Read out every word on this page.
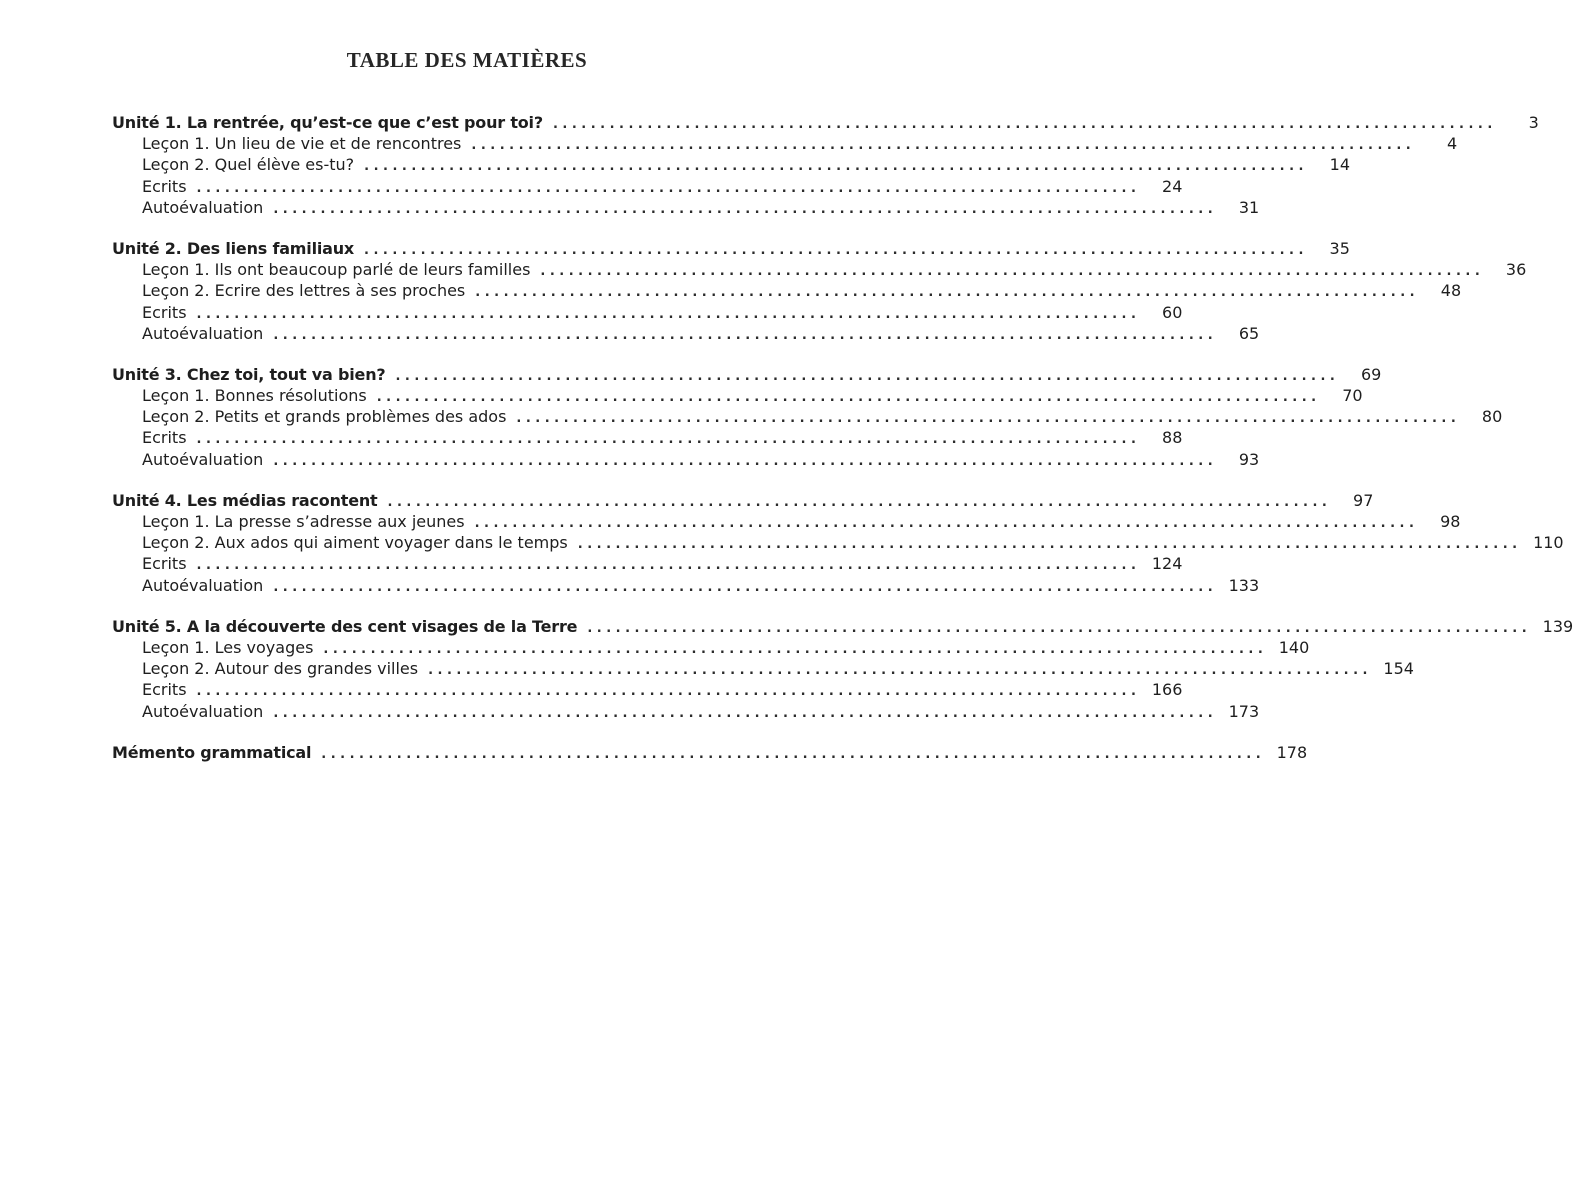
TABLE DES MATIÈRES
Unité 1. La rentrée, qu’est-ce que c’est pour toi? ....................................................................................................	3
Leçon 1. Un lieu de vie et de rencontres ....................................................................................................	4
Leçon 2. Quel élève es-tu? ....................................................................................................	14
Ecrits ....................................................................................................	24
Autoévaluation ....................................................................................................	31
Unité 2. Des liens familiaux ....................................................................................................	35
Leçon 1. Ils ont beaucoup parlé de leurs familles ....................................................................................................	36
Leçon 2. Ecrire des lettres à ses proches ....................................................................................................	48
Ecrits ....................................................................................................	60
Autoévaluation ....................................................................................................	65
Unité 3. Chez toi, tout va bien? ....................................................................................................	69
Leçon 1. Bonnes résolutions ....................................................................................................	70
Leçon 2. Petits et grands problèmes des ados ....................................................................................................	80
Ecrits ....................................................................................................	88
Autoévaluation ....................................................................................................	93
Unité 4. Les médias racontent ....................................................................................................	97
Leçon 1. La presse s’adresse aux jeunes ....................................................................................................	98
Leçon 2. Aux ados qui aiment voyager dans le temps .................................................................................................... 110
Ecrits .................................................................................................... 124
Autoévaluation .................................................................................................... 133
Unité 5. A la découverte des cent visages de la Terre .................................................................................................... 139
Leçon 1. Les voyages .................................................................................................... 140
Leçon 2. Autour des grandes villes .................................................................................................... 154
Ecrits .................................................................................................... 166
Autoévaluation .................................................................................................... 173
Mémento grammatical .................................................................................................... 178
